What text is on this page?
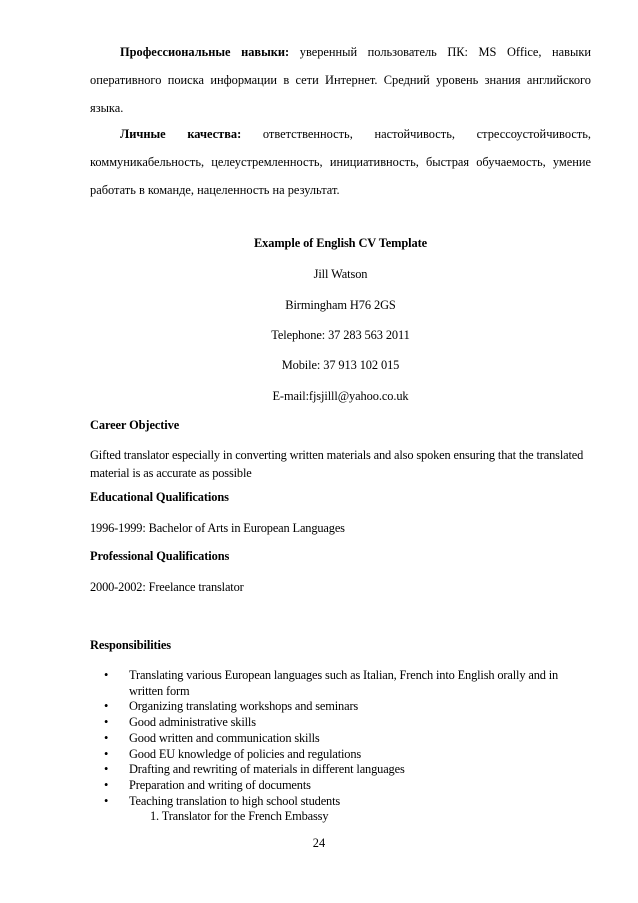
Профессиональные навыки: уверенный пользователь ПК: MS Office, навыки оперативного поиска информации в сети Интернет. Средний уровень знания английского языка.

Личные качества: ответственность, настойчивость, стрессоустойчивость, коммуникабельность, целеустремленность, инициативность, быстрая обучаемость, умение работать в команде, нацеленность на результат.

Example of English CV Template

Jill Watson

Birmingham H76 2GS

Telephone: 37 283 563 2011

Mobile: 37 913 102 015

E-mail:fjsjilll@yahoo.co.uk

Career Objective

Gifted translator especially in converting written materials and also spoken ensuring that the translated material is as accurate as possible

Educational Qualifications

1996-1999: Bachelor of Arts in European Languages

Professional Qualifications

2000-2002: Freelance translator

Responsibilities

• Translating various European languages such as Italian, French into English orally and in written form
• Organizing translating workshops and seminars
• Good administrative skills
• Good written and communication skills
• Good EU knowledge of policies and regulations
• Drafting and rewriting of materials in different languages
• Preparation and writing of documents
• Teaching translation to high school students

1. Translator for the French Embassy

24
